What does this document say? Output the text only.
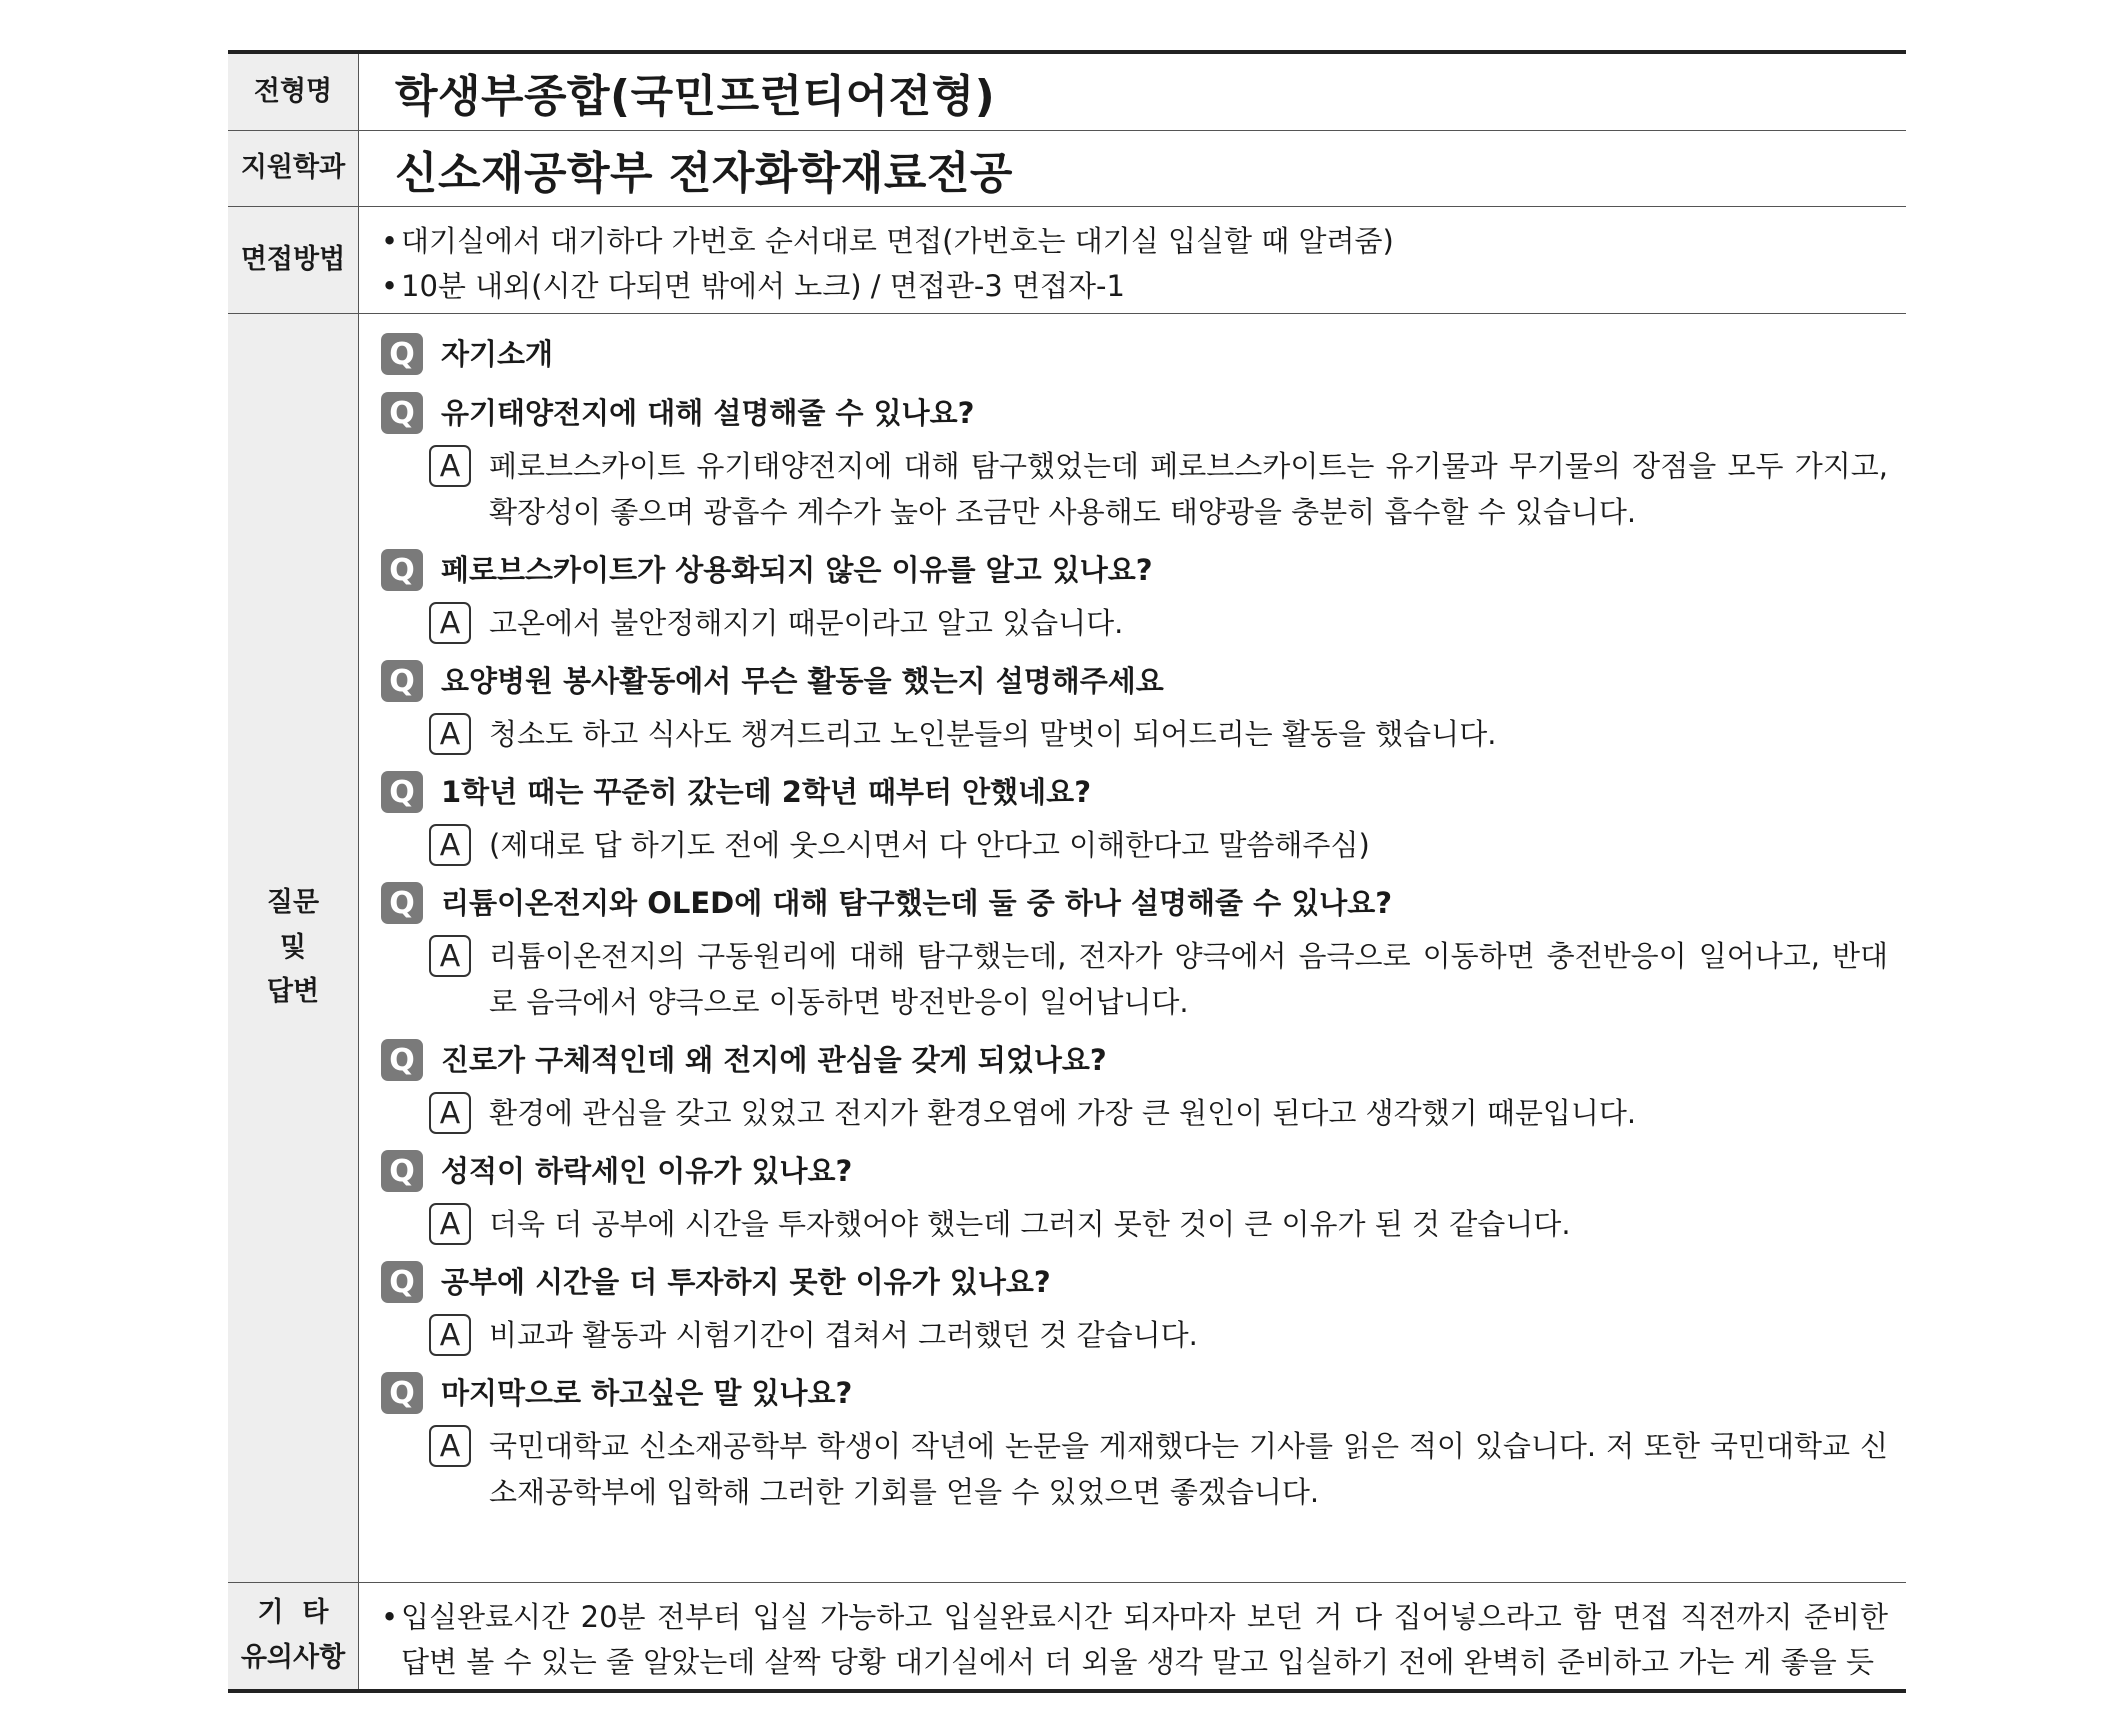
전형명	학생부종합(국민프런티어전형)
지원학과	신소재공학부 전자화학재료전공
면접방법
• 대기실에서 대기하다 가번호 순서대로 면접(가번호는 대기실 입실할 때 알려줌)
• 10분 내외(시간 다되면 밖에서 노크) / 면접관-3 면접자-1
질문
및
답변
Q 자기소개
Q 유기태양전지에 대해 설명해줄 수 있나요?
A 페로브스카이트 유기태양전지에 대해 탐구했었는데 페로브스카이트는 유기물과 무기물의 장점을 모두 가지고, 확장성이 좋으며 광흡수 계수가 높아 조금만 사용해도 태양광을 충분히 흡수할 수 있습니다.
Q 페로브스카이트가 상용화되지 않은 이유를 알고 있나요?
A 고온에서 불안정해지기 때문이라고 알고 있습니다.
Q 요양병원 봉사활동에서 무슨 활동을 했는지 설명해주세요
A 청소도 하고 식사도 챙겨드리고 노인분들의 말벗이 되어드리는 활동을 했습니다.
Q 1학년 때는 꾸준히 갔는데 2학년 때부터 안했네요?
A (제대로 답 하기도 전에 웃으시면서 다 안다고 이해한다고 말씀해주심)
Q 리튬이온전지와 OLED에 대해 탐구했는데 둘 중 하나 설명해줄 수 있나요?
A 리튬이온전지의 구동원리에 대해 탐구했는데, 전자가 양극에서 음극으로 이동하면 충전반응이 일어나고, 반대로 음극에서 양극으로 이동하면 방전반응이 일어납니다.
Q 진로가 구체적인데 왜 전지에 관심을 갖게 되었나요?
A 환경에 관심을 갖고 있었고 전지가 환경오염에 가장 큰 원인이 된다고 생각했기 때문입니다.
Q 성적이 하락세인 이유가 있나요?
A 더욱 더 공부에 시간을 투자했어야 했는데 그러지 못한 것이 큰 이유가 된 것 같습니다.
Q 공부에 시간을 더 투자하지 못한 이유가 있나요?
A 비교과 활동과 시험기간이 겹쳐서 그러했던 것 같습니다.
Q 마지막으로 하고싶은 말 있나요?
A 국민대학교 신소재공학부 학생이 작년에 논문을 게재했다는 기사를 읽은 적이 있습니다. 저 또한 국민대학교 신소재공학부에 입학해 그러한 기회를 얻을 수 있었으면 좋겠습니다.
기  타
유의사항
• 입실완료시간 20분 전부터 입실 가능하고 입실완료시간 되자마자 보던 거 다 집어넣으라고 함 면접 직전까지 준비한 답변 볼 수 있는 줄 알았는데 살짝 당황 대기실에서 더 외울 생각 말고 입실하기 전에 완벽히 준비하고 가는 게 좋을 듯
